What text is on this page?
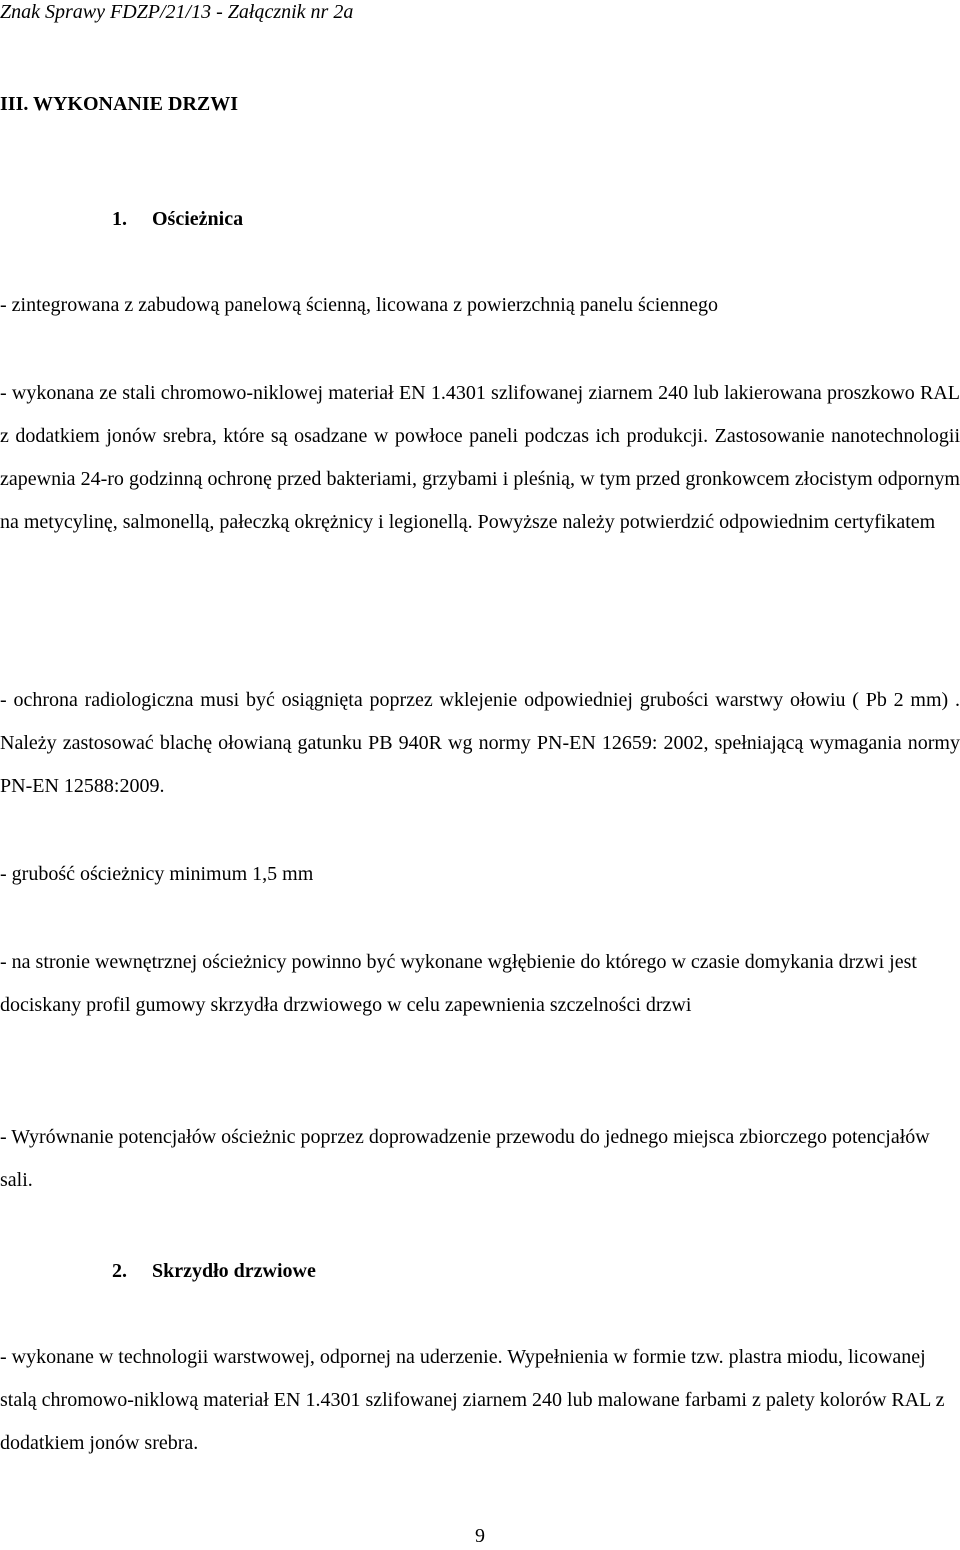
Znak Sprawy FDZP/21/13 - Załącznik nr 2a
III. WYKONANIE DRZWI
1. Ościeżnica
- zintegrowana z zabudową panelową ścienną, licowana z powierzchnią panelu ściennego
- wykonana ze stali chromowo-niklowej materiał EN 1.4301 szlifowanej ziarnem 240 lub lakierowana proszkowo RAL z dodatkiem jonów srebra, które są osadzane w powłoce paneli podczas ich produkcji. Zastosowanie nanotechnologii zapewnia 24-ro godzinną ochronę przed bakteriami, grzybami i pleśnią, w tym przed gronkowcem złocistym odpornym na metycylinę, salmonellą, pałeczką okrężnicy i legionellą. Powyższe należy potwierdzić odpowiednim certyfikatem
- ochrona radiologiczna musi być osiągnięta poprzez wklejenie odpowiedniej grubości warstwy ołowiu ( Pb 2 mm) . Należy zastosować blachę ołowianą gatunku PB 940R wg normy PN-EN 12659: 2002, spełniającą wymagania normy PN-EN 12588:2009.
- grubość ościeżnicy minimum 1,5 mm
- na stronie wewnętrznej ościeżnicy powinno być wykonane wgłębienie do którego w czasie domykania drzwi jest dociskany profil gumowy skrzydła drzwiowego w celu zapewnienia szczelności drzwi
- Wyrównanie potencjałów ościeżnic poprzez doprowadzenie przewodu do jednego miejsca zbiorczego potencjałów sali.
2. Skrzydło drzwiowe
- wykonane w technologii warstwowej, odpornej na uderzenie. Wypełnienia w formie tzw. plastra miodu, licowanej stalą chromowo-niklową materiał EN 1.4301 szlifowanej ziarnem 240 lub malowane farbami z palety kolorów RAL z dodatkiem jonów srebra.
9
